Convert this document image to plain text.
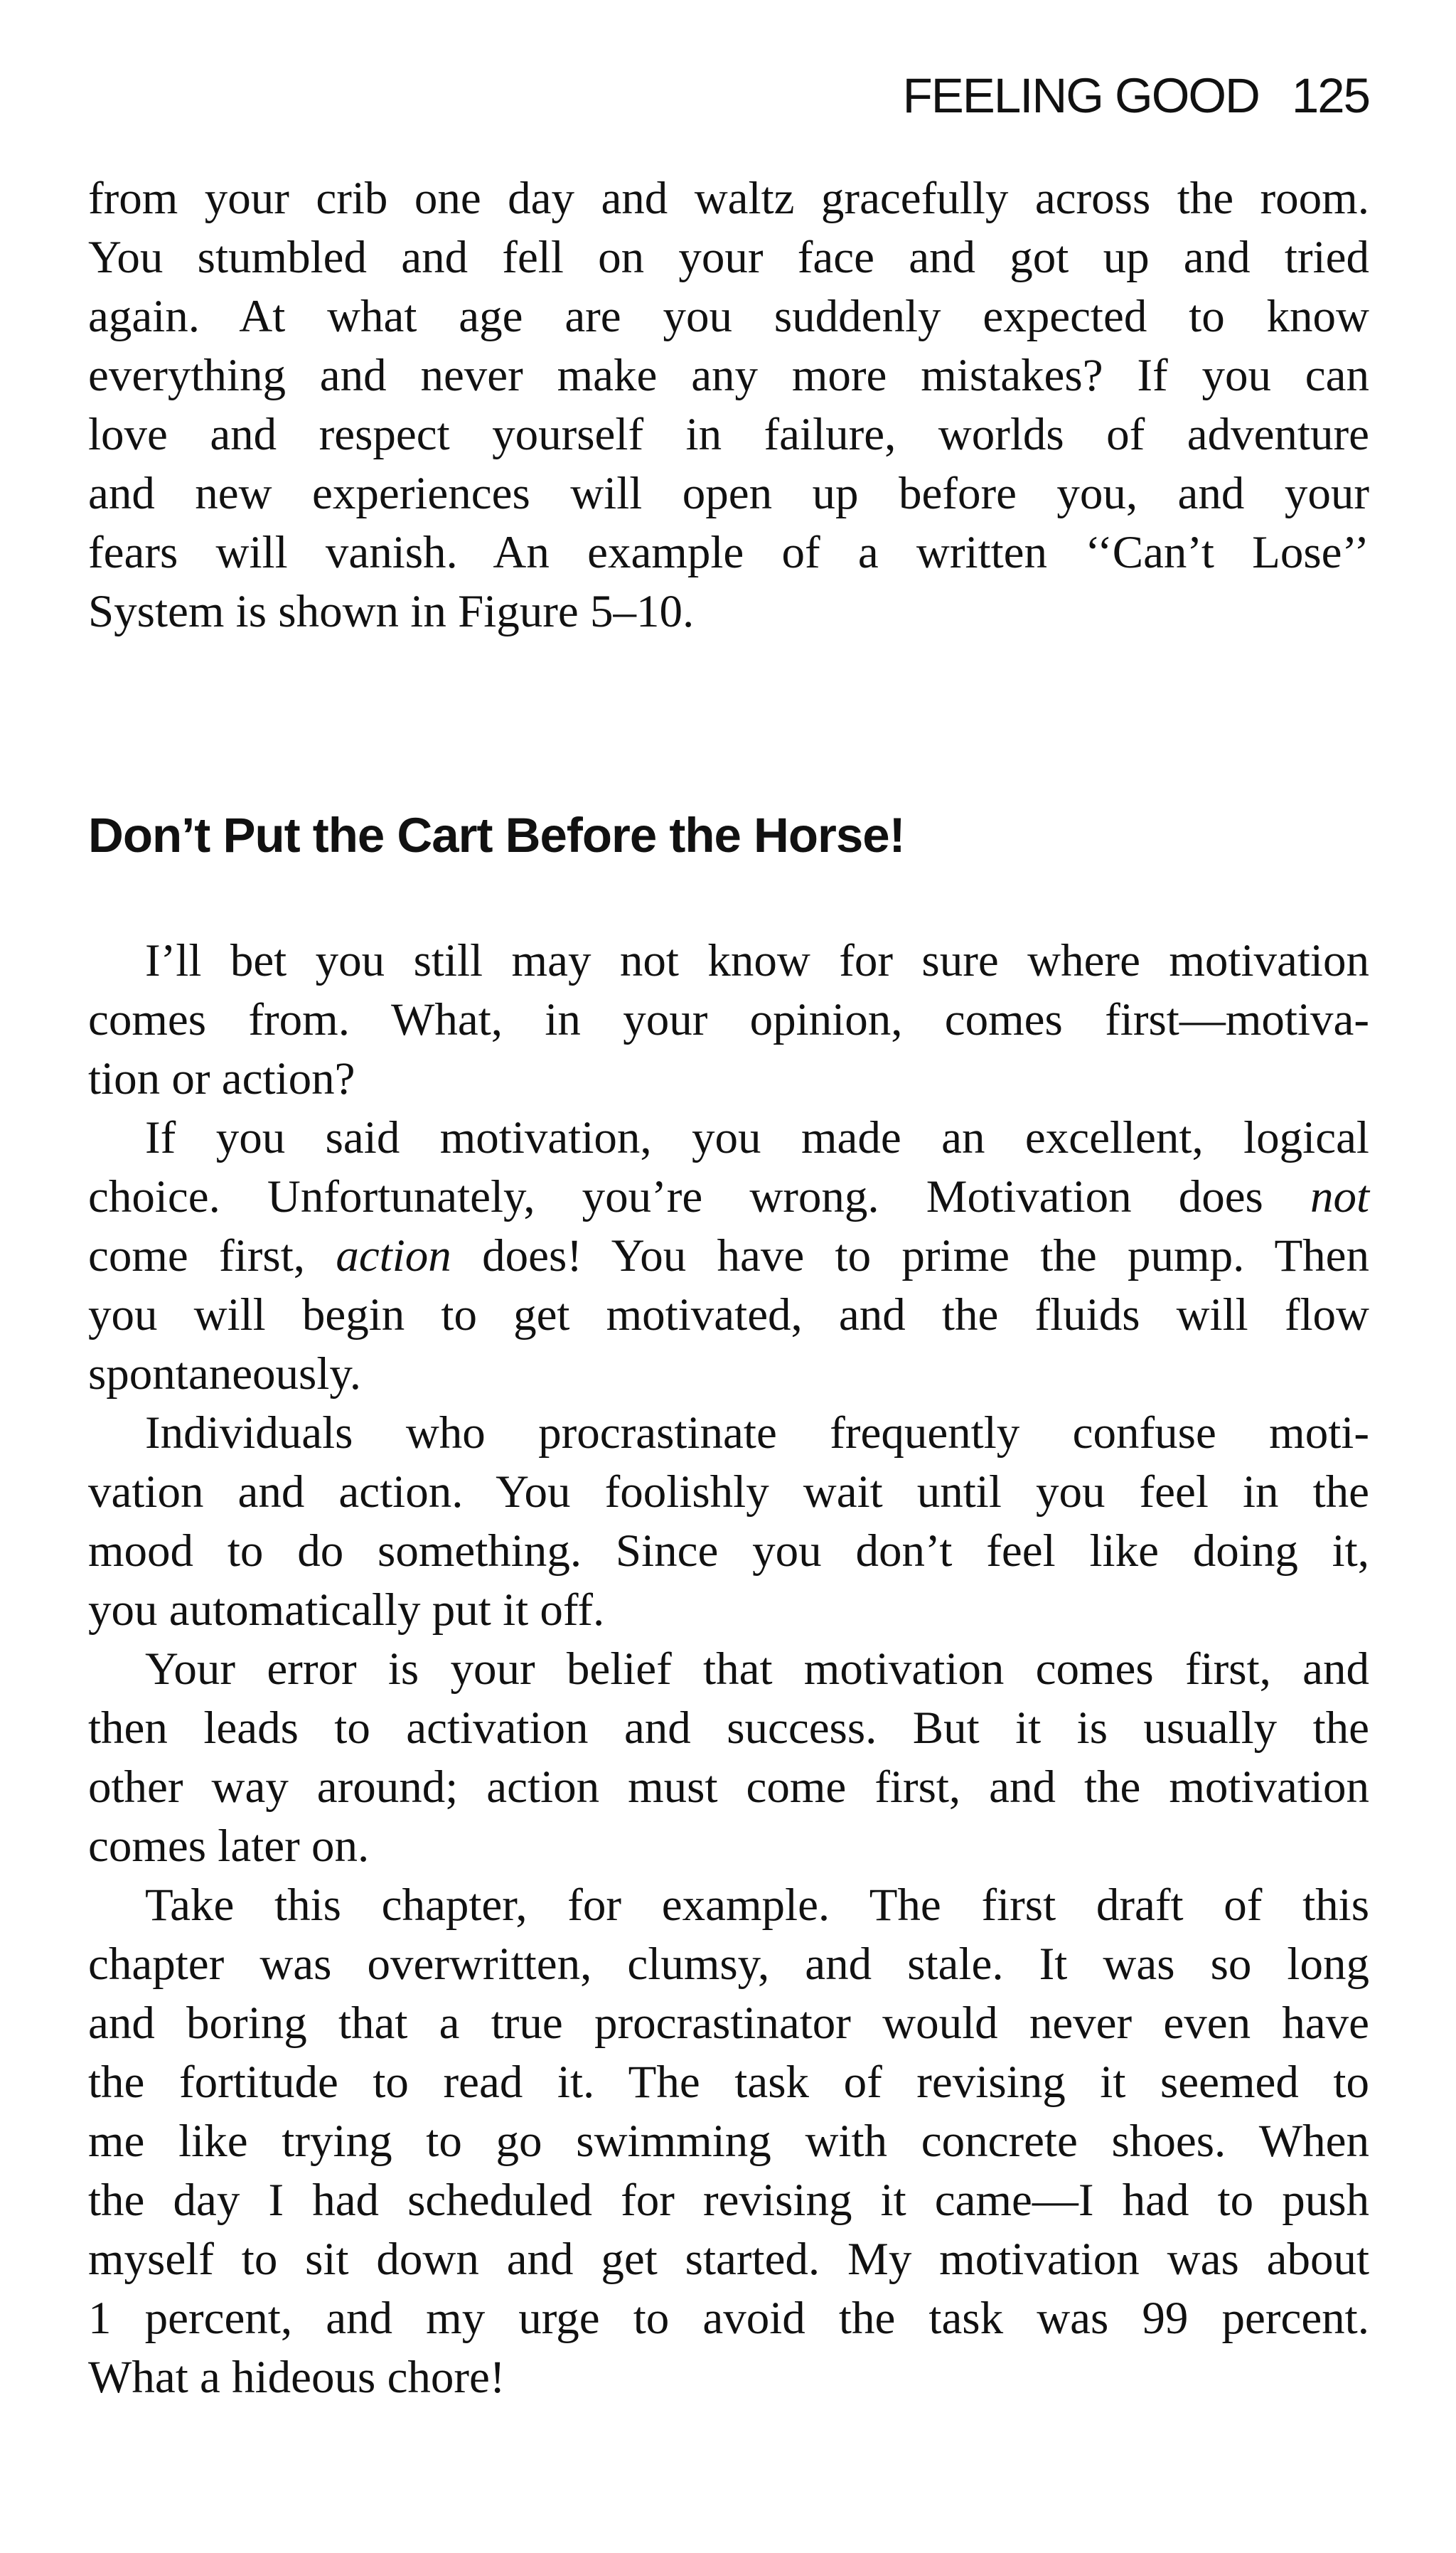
FEELING GOOD 125
from your crib one day and waltz gracefully across the room.
You stumbled and fell on your face and got up and tried
again. At what age are you suddenly expected to know
everything and never make any more mistakes? If you can
love and respect yourself in failure, worlds of adventure
and new experiences will open up before you, and your
fears will vanish. An example of a written ‘‘Can’t Lose’’
System is shown in Figure 5–10.
Don’t Put the Cart Before the Horse!
I’ll bet you still may not know for sure where motivation
comes from. What, in your opinion, comes first—motiva-
tion or action?
If you said motivation, you made an excellent, logical
choice. Unfortunately, you’re wrong. Motivation does not
come first, action does! You have to prime the pump. Then
you will begin to get motivated, and the fluids will flow
spontaneously.
Individuals who procrastinate frequently confuse moti-
vation and action. You foolishly wait until you feel in the
mood to do something. Since you don’t feel like doing it,
you automatically put it off.
Your error is your belief that motivation comes first, and
then leads to activation and success. But it is usually the
other way around; action must come first, and the motivation
comes later on.
Take this chapter, for example. The first draft of this
chapter was overwritten, clumsy, and stale. It was so long
and boring that a true procrastinator would never even have
the fortitude to read it. The task of revising it seemed to
me like trying to go swimming with concrete shoes. When
the day I had scheduled for revising it came—I had to push
myself to sit down and get started. My motivation was about
1 percent, and my urge to avoid the task was 99 percent.
What a hideous chore!
